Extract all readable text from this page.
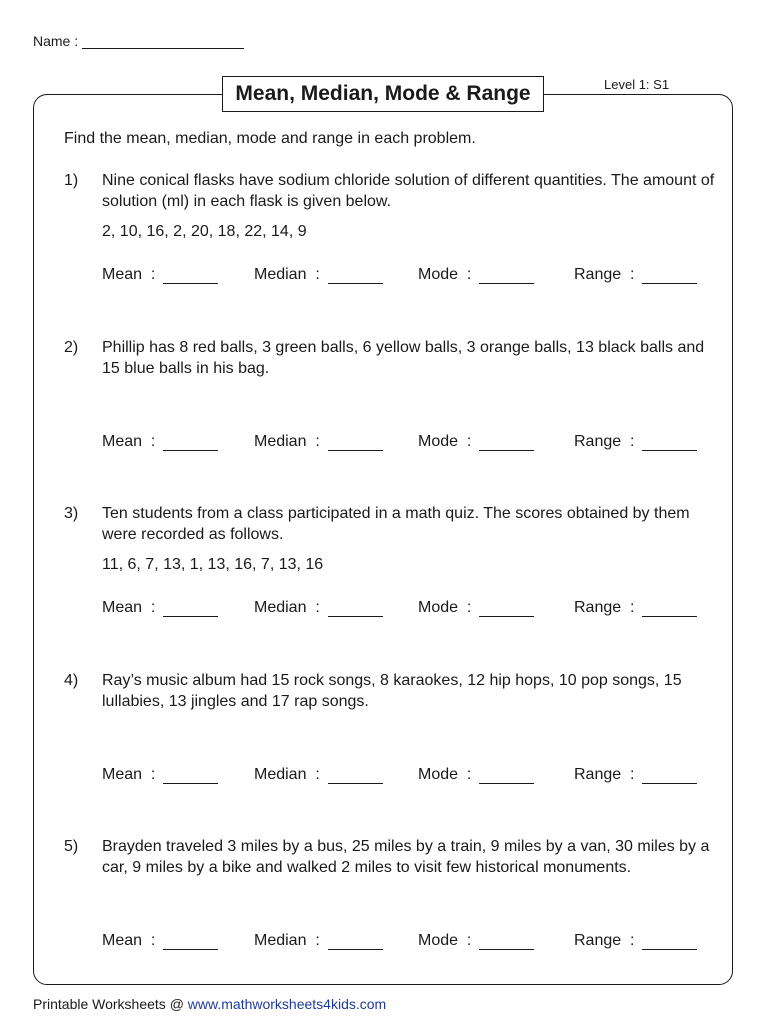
Name :
Level 1: S1
Mean, Median, Mode & Range
Find the mean, median, mode and range in each problem.
1) Nine conical flasks have sodium chloride solution of different quantities. The amount of solution (ml) in each flask is given below.
2, 10, 16, 2, 20, 18, 22, 14, 9
Mean  :	Median  :	Mode  :	Range  :
2) Phillip has 8 red balls, 3 green balls, 6 yellow balls, 3 orange balls, 13 black balls and 15 blue balls in his bag.
Mean  :	Median  :	Mode  :	Range  :
3) Ten students from a class participated in a math quiz. The scores obtained by them were recorded as follows.
11, 6, 7, 13, 1, 13, 16, 7, 13, 16
Mean  :	Median  :	Mode  :	Range  :
4) Ray’s music album had 15 rock songs, 8 karaokes, 12 hip hops, 10 pop songs, 15 lullabies, 13 jingles and 17 rap songs.
Mean  :	Median  :	Mode  :	Range  :
5) Brayden traveled 3 miles by a bus, 25 miles by a train, 9 miles by a van, 30 miles by a car, 9 miles by a bike and walked 2 miles to visit few historical monuments.
Mean  :	Median  :	Mode  :	Range  :
Printable Worksheets @ www.mathworksheets4kids.com
